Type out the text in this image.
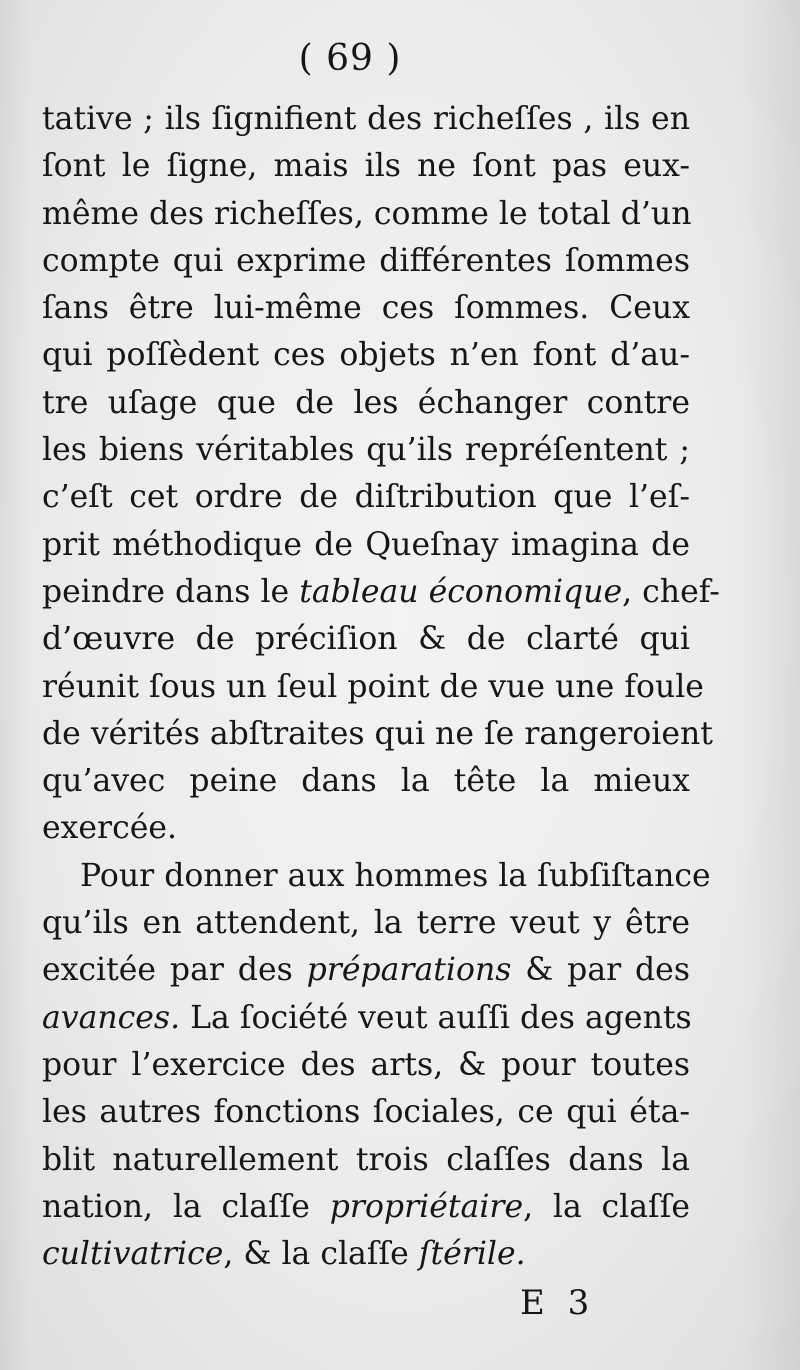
( 69 )
tative ; ils ſignifient des richeſſes , ils en
ſont le ſigne, mais ils ne ſont pas eux-
même des richeſſes, comme le total d’un
compte qui exprime différentes ſommes
ſans être lui-même ces ſommes. Ceux
qui poſſèdent ces objets n’en font d’au-
tre uſage que de les échanger contre
les biens véritables qu’ils repréſentent ;
c’eſt cet ordre de diſtribution que l’eſ-
prit méthodique de Queſnay imagina de
peindre dans le tableau économique, chef-
d’œuvre de préciſion & de clarté qui
réunit ſous un ſeul point de vue une foule
de vérités abſtraites qui ne ſe rangeroient
qu’avec peine dans la tête la mieux
exercée.
Pour donner aux hommes la ſubſiſtance
qu’ils en attendent, la terre veut y être
excitée par des préparations & par des
avances. La ſociété veut auſſi des agents
pour l’exercice des arts, & pour toutes
les autres fonctions ſociales, ce qui éta-
blit naturellement trois claſſes dans la
nation, la claſſe propriétaire, la claſſe
cultivatrice, & la claſſe ſtérile.
E 3
